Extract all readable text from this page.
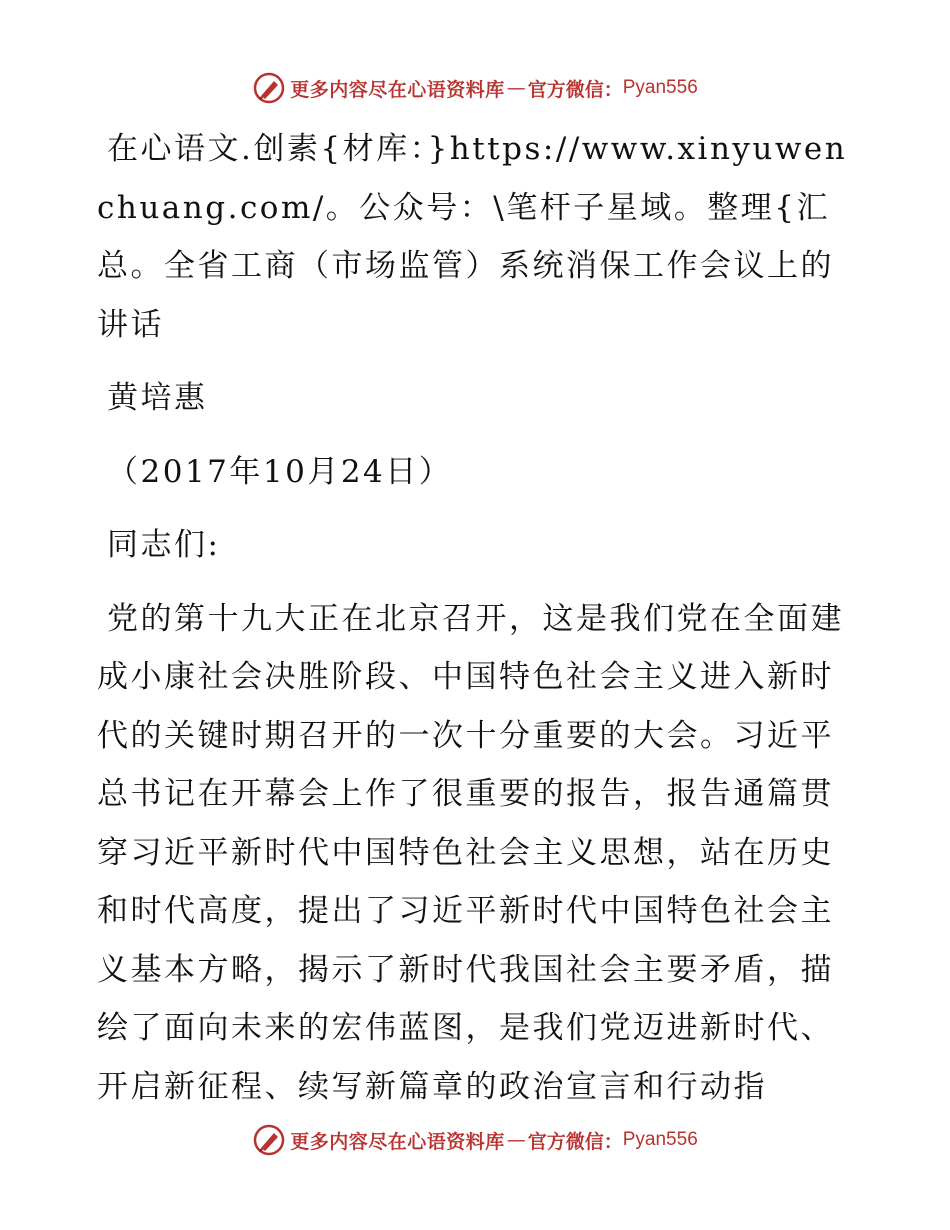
更多内容尽在心语资料库 — 官方微信： Pyan556

在心语文.创素{材库：}https://www.xinyuwenchuang.com/。公众号：\笔杆子星域。整理{汇总。全省工商（市场监管）系统消保工作会议上的讲话

黄培惠

（2017年10月24日）

同志们:

党的第十九大正在北京召开，这是我们党在全面建成小康社会决胜阶段、中国特色社会主义进入新时代的关键时期召开的一次十分重要的大会。习近平总书记在开幕会上作了很重要的报告，报告通篇贯穿习近平新时代中国特色社会主义思想，站在历史和时代高度，提出了习近平新时代中国特色社会主义基本方略，揭示了新时代我国社会主要矛盾，描绘了面向未来的宏伟蓝图，是我们党迈进新时代、开启新征程、续写新篇章的政治宣言和行动指

更多内容尽在心语资料库 — 官方微信： Pyan556
